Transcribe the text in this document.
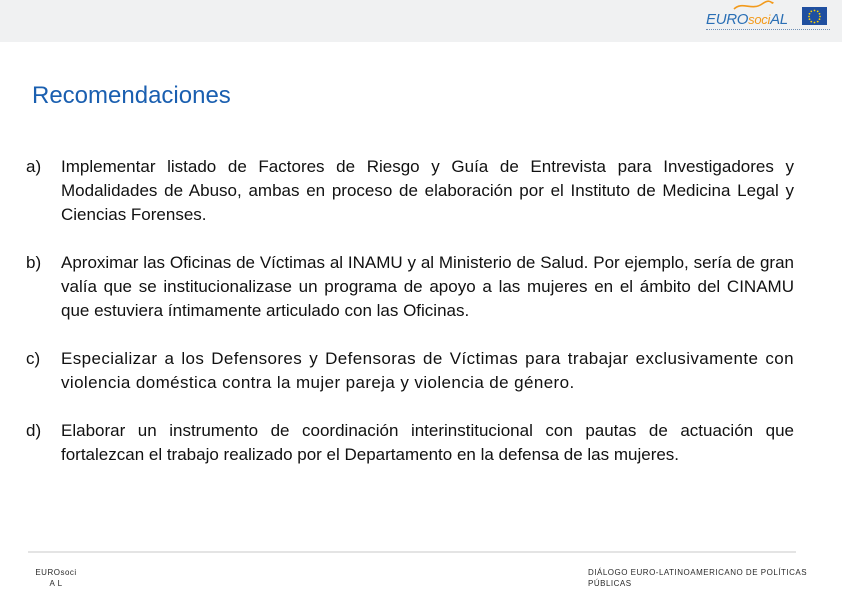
EUROsociAL
Recomendaciones
a) Implementar listado de Factores de Riesgo y Guía de Entrevista para Investigadores y Modalidades de Abuso, ambas en proceso de elaboración por el Instituto de Medicina Legal y Ciencias Forenses.
b) Aproximar las Oficinas de Víctimas al INAMU y al Ministerio de Salud. Por ejemplo, sería de gran valía que se institucionalizase un programa de apoyo a las mujeres en el ámbito del CINAMU que estuviera íntimamente articulado con las Oficinas.
c) Especializar a los Defensores y Defensoras de Víctimas para trabajar exclusivamente con violencia doméstica contra la mujer pareja y violencia de género.
d) Elaborar un instrumento de coordinación interinstitucional con pautas de actuación que fortalezcan el trabajo realizado por el Departamento en la defensa de las mujeres.
EUROsociA L
DIÁLOGO EURO-LATINOAMERICANO DE POLÍTICAS PÚBLICAS
